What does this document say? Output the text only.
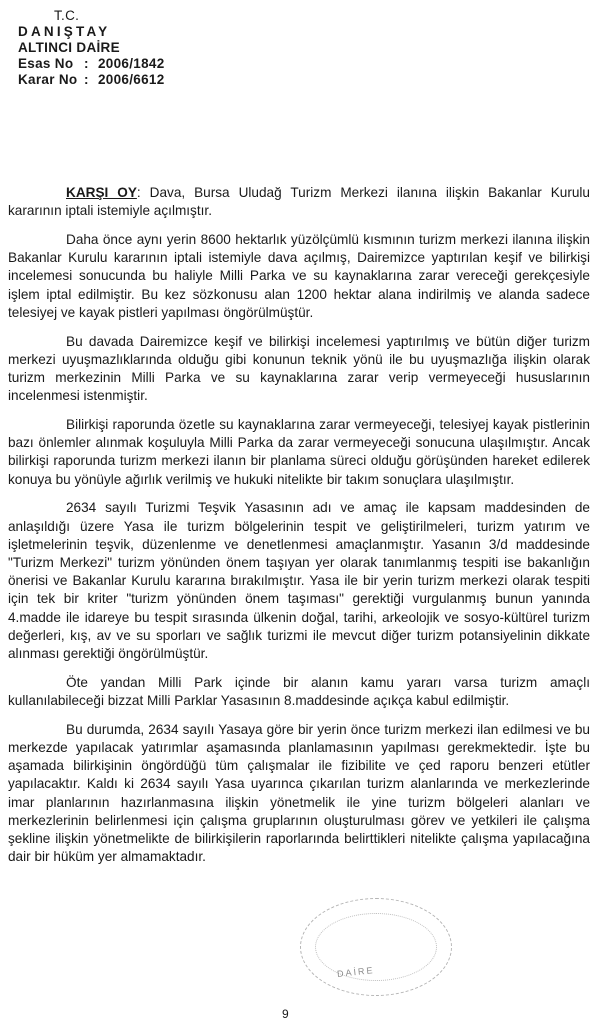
T.C.
DANIŞTAY
ALTINCI DAİRE
Esas No : 2006/1842
Karar No : 2006/6612

KARŞI OY: Dava, Bursa Uludağ Turizm Merkezi ilanına ilişkin Bakanlar Kurulu kararının iptali istemiyle açılmıştır.

Daha önce aynı yerin 8600 hektarlık yüzölçümlü kısmının turizm merkezi ilanına ilişkin Bakanlar Kurulu kararının iptali istemiyle dava açılmış, Dairemizce yaptırılan keşif ve bilirkişi incelemesi sonucunda bu haliyle Milli Parka ve su kaynaklarına zarar vereceği gerekçesiyle işlem iptal edilmiştir. Bu kez sözkonusu alan 1200 hektar alana indirilmiş ve alanda sadece telesiyej ve kayak pistleri yapılması öngörülmüştür.

Bu davada Dairemizce keşif ve bilirkişi incelemesi yaptırılmış ve bütün diğer turizm merkezi uyuşmazlıklarında olduğu gibi konunun teknik yönü ile bu uyuşmazlığa ilişkin olarak turizm merkezinin Milli Parka ve su kaynaklarına zarar verip vermeyeceği hususlarının incelenmesi istenmiştir.

Bilirkişi raporunda özetle su kaynaklarına zarar vermeyeceği, telesiyej kayak pistlerinin bazı önlemler alınmak koşuluyla Milli Parka da zarar vermeyeceği sonucuna ulaşılmıştır. Ancak bilirkişi raporunda turizm merkezi ilanın bir planlama süreci olduğu görüşünden hareket edilerek konuya bu yönüyle ağırlık verilmiş ve hukuki nitelikte bir takım sonuçlara ulaşılmıştır.

2634 sayılı Turizmi Teşvik Yasasının adı ve amaç ile kapsam maddesinden de anlaşıldığı üzere Yasa ile turizm bölgelerinin tespit ve geliştirilmeleri, turizm yatırım ve işletmelerinin teşvik, düzenlenme ve denetlenmesi amaçlanmıştır. Yasanın 3/d maddesinde "Turizm Merkezi" turizm yönünden önem taşıyan yer olarak tanımlanmış tespiti ise bakanlığın önerisi ve Bakanlar Kurulu kararına bırakılmıştır. Yasa ile bir yerin turizm merkezi olarak tespiti için tek bir kriter "turizm yönünden önem taşıması" gerektiği vurgulanmış bunun yanında 4.madde ile idareye bu tespit sırasında ülkenin doğal, tarihi, arkeolojik ve sosyo-kültürel turizm değerleri, kış, av ve su sporları ve sağlık turizmi ile mevcut diğer turizm potansiyelinin dikkate alınması gerektiği öngörülmüştür.

Öte yandan Milli Park içinde bir alanın kamu yararı varsa turizm amaçlı kullanılabileceği bizzat Milli Parklar Yasasının 8.maddesinde açıkça kabul edilmiştir.

Bu durumda, 2634 sayılı Yasaya göre bir yerin önce turizm merkezi ilan edilmesi ve bu merkezde yapılacak yatırımlar aşamasında planlamasının yapılması gerekmektedir. İşte bu aşamada bilirkişinin öngördüğü tüm çalışmalar ile fizibilite ve çed raporu benzeri etütler yapılacaktır. Kaldı ki 2634 sayılı Yasa uyarınca çıkarılan turizm alanlarında ve merkezlerinde imar planlarının hazırlanmasına ilişkin yönetmelik ile yine turizm bölgeleri alanları ve merkezlerinin belirlenmesi için çalışma gruplarının oluşturulması görev ve yetkileri ile çalışma şekline ilişkin yönetmelikte de bilirkişilerin raporlarında belirttikleri nitelikte çalışma yapılacağına dair bir hüküm yer almamaktadır.

DAİRE
9
